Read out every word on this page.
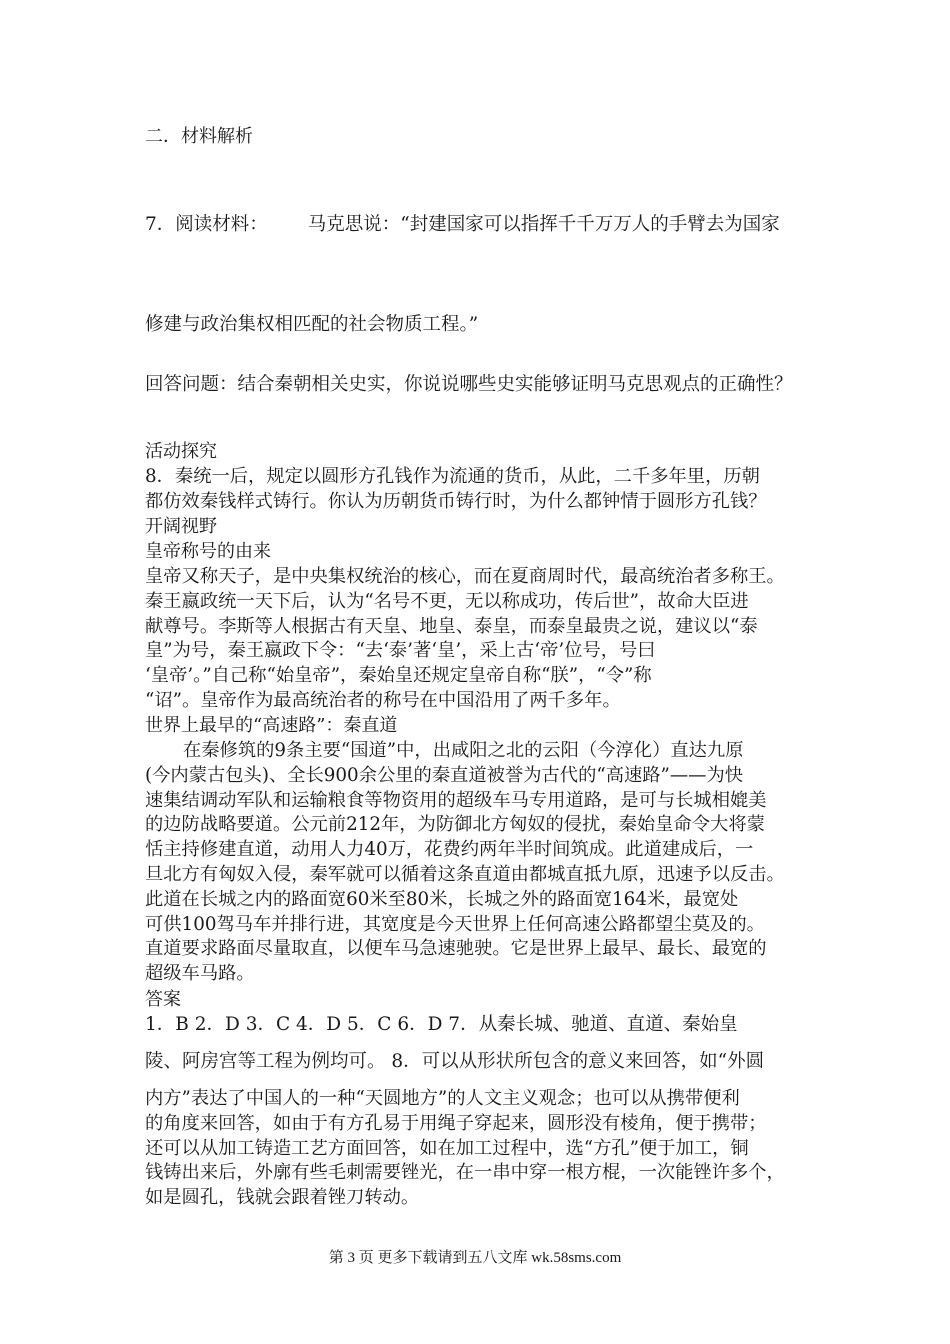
二．材料解析
7．阅读材料： 马克思说：“封建国家可以指挥千千万万人的手臂去为国家
修建与政治集权相匹配的社会物质工程。”
回答问题：结合秦朝相关史实，你说说哪些史实能够证明马克思观点的正确性？
活动探究
8．秦统一后，规定以圆形方孔钱作为流通的货币，从此，二千多年里，历朝
都仿效秦钱样式铸行。你认为历朝货币铸行时，为什么都钟情于圆形方孔钱？
开阔视野
皇帝称号的由来
皇帝又称天子，是中央集权统治的核心，而在夏商周时代，最高统治者多称王。
秦王嬴政统一天下后，认为“名号不更，无以称成功，传后世”，故命大臣进
献尊号。李斯等人根据古有天皇、地皇、泰皇，而泰皇最贵之说，建议以“泰
皇”为号，秦王嬴政下令：“去‘泰’著‘皇’，采上古‘帝’位号，号曰
‘皇帝’。”自己称“始皇帝”，秦始皇还规定皇帝自称“朕”，“令”称
“诏”。皇帝作为最高统治者的称号在中国沿用了两千多年。
世界上最早的“高速路”：秦直道
在秦修筑的9条主要“国道”中，出咸阳之北的云阳（今淳化）直达九原
(今内蒙古包头)、全长900余公里的秦直道被誉为古代的“高速路”——为快
速集结调动军队和运输粮食等物资用的超级车马专用道路，是可与长城相媲美
的边防战略要道。公元前212年，为防御北方匈奴的侵扰，秦始皇命令大将蒙
恬主持修建直道，动用人力40万，花费约两年半时间筑成。此道建成后，一
旦北方有匈奴入侵，秦军就可以循着这条直道由都城直抵九原，迅速予以反击。
此道在长城之内的路面宽60米至80米，长城之外的路面宽164米，最宽处
可供100驾马车并排行进，其宽度是今天世界上任何高速公路都望尘莫及的。
直道要求路面尽量取直，以便车马急速驰驶。它是世界上最早、最长、最宽的
超级车马路。
答案
1．B 2．D 3．C 4．D 5．C 6．D 7．从秦长城、驰道、直道、秦始皇
陵、阿房宫等工程为例均可。 8．可以从形状所包含的意义来回答，如“外圆
内方”表达了中国人的一种“天圆地方”的人文主义观念；也可以从携带便利
的角度来回答，如由于有方孔易于用绳子穿起来，圆形没有棱角，便于携带；
还可以从加工铸造工艺方面回答，如在加工过程中，选“方孔”便于加工，铜
钱铸出来后，外廓有些毛刺需要锉光，在一串中穿一根方棍，一次能锉许多个，
如是圆孔，钱就会跟着锉刀转动。
第 3 页 更多下载请到五八文库 wk.58sms.com
